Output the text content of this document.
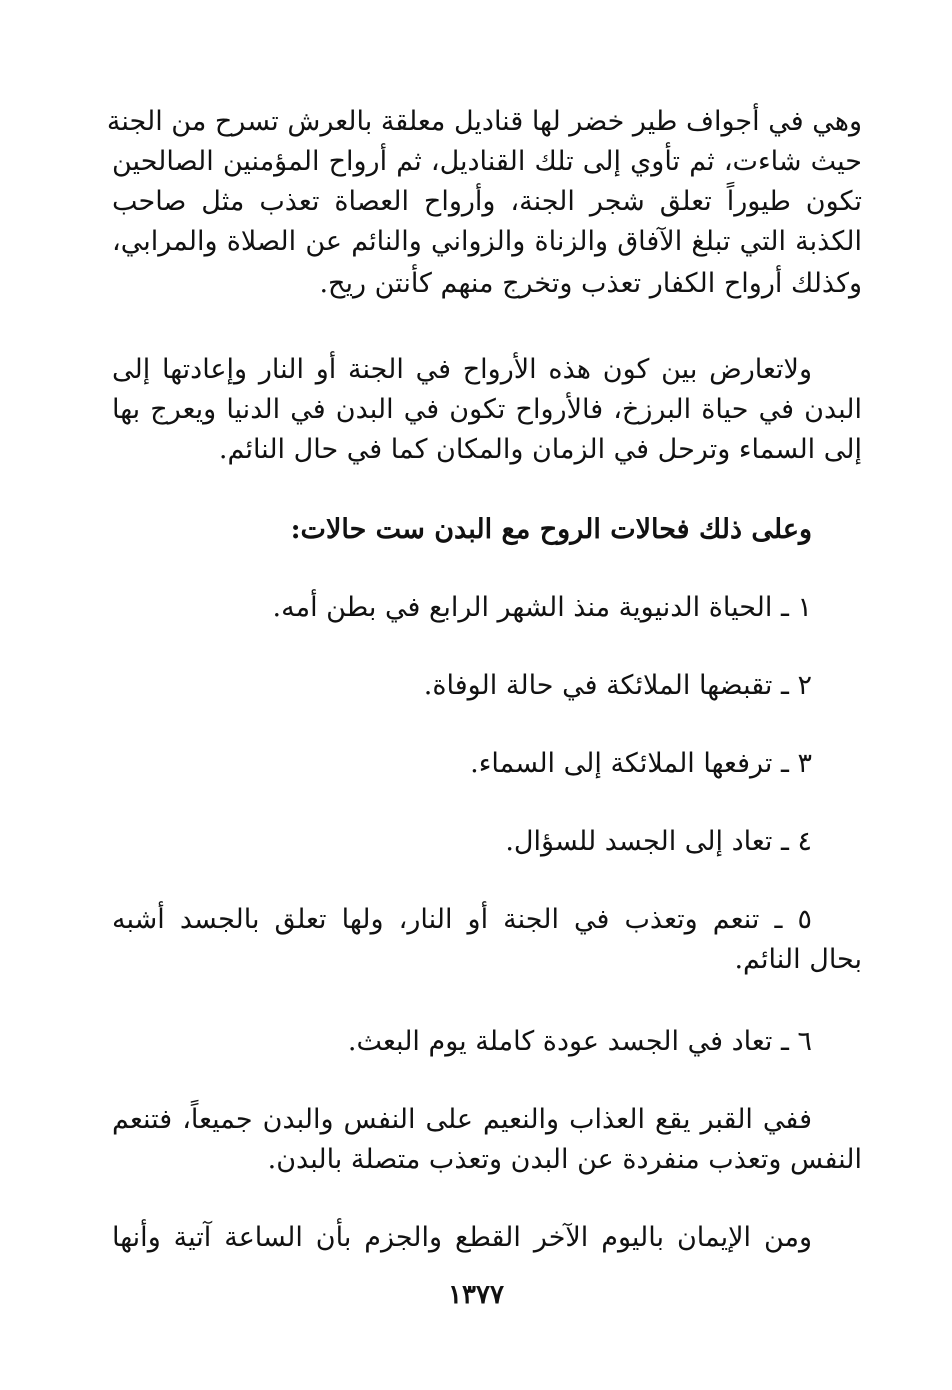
وهي في أجواف طير خضر لها قناديل معلقة بالعرش تسرح من الجنة
حيث شاءت، ثم تأوي إلى تلك القناديل، ثم أرواح المؤمنين الصالحين
تكون طيوراً تعلق شجر الجنة، وأرواح العصاة تعذب مثل صاحب
الكذبة التي تبلغ الآفاق والزناة والزواني والنائم عن الصلاة والمرابي،
وكذلك أرواح الكفار تعذب وتخرج منهم كأنتن ريح.
ولاتعارض بين كون هذه الأرواح في الجنة أو النار وإعادتها إلى
البدن في حياة البرزخ، فالأرواح تكون في البدن في الدنيا ويعرج بها
إلى السماء وترحل في الزمان والمكان كما في حال النائم.
وعلى ذلك فحالات الروح مع البدن ست حالات:
١ ـ الحياة الدنيوية منذ الشهر الرابع في بطن أمه.
٢ ـ تقبضها الملائكة في حالة الوفاة.
٣ ـ ترفعها الملائكة إلى السماء.
٤ ـ تعاد إلى الجسد للسؤال.
٥ ـ تنعم وتعذب في الجنة أو النار، ولها تعلق بالجسد أشبه
بحال النائم.
٦ ـ تعاد في الجسد عودة كاملة يوم البعث.
ففي القبر يقع العذاب والنعيم على النفس والبدن جميعاً، فتنعم
النفس وتعذب منفردة عن البدن وتعذب متصلة بالبدن.
ومن الإيمان باليوم الآخر القطع والجزم بأن الساعة آتية وأنها
١٣٧٧
